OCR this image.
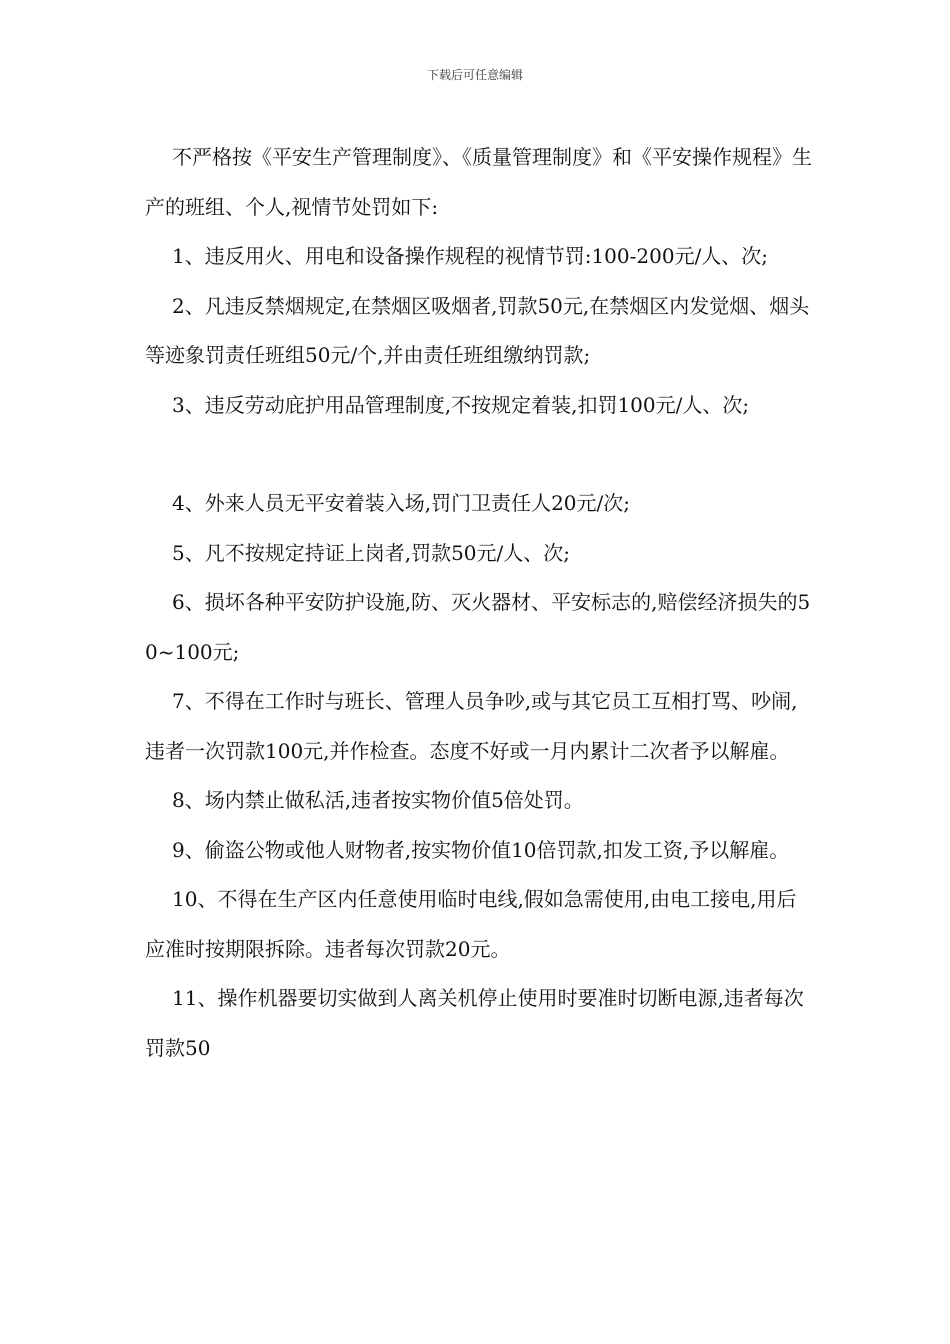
下载后可任意编辑

不严格按《平安生产管理制度》、《质量管理制度》和《平安操作规程》生产的班组、个人,视情节处罚如下:

1、违反用火、用电和设备操作规程的视情节罚:100-200元/人、次;

2、凡违反禁烟规定,在禁烟区吸烟者,罚款50元,在禁烟区内发觉烟、烟头等迹象罚责任班组50元/个,并由责任班组缴纳罚款;

3、违反劳动庇护用品管理制度,不按规定着装,扣罚100元/人、次;

4、外来人员无平安着装入场,罚门卫责任人20元/次;

5、凡不按规定持证上岗者,罚款50元/人、次;

6、损坏各种平安防护设施,防、灭火器材、平安标志的,赔偿经济损失的50~100元;

7、不得在工作时与班长、管理人员争吵,或与其它员工互相打骂、吵闹,违者一次罚款100元,并作检查。态度不好或一月内累计二次者予以解雇。

8、场内禁止做私活,违者按实物价值5倍处罚。

9、偷盗公物或他人财物者,按实物价值10倍罚款,扣发工资,予以解雇。

10、不得在生产区内任意使用临时电线,假如急需使用,由电工接电,用后应准时按期限拆除。违者每次罚款20元。

11、操作机器要切实做到人离关机停止使用时要准时切断电源,违者每次罚款50
